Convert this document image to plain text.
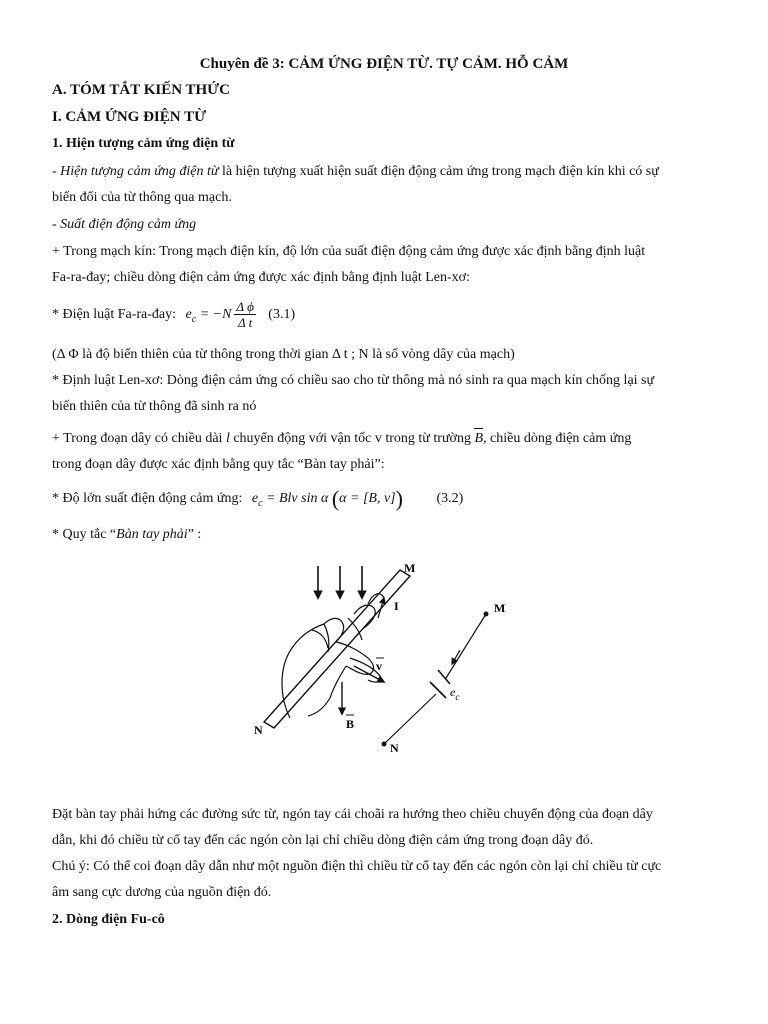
Chuyên đề 3: CẢM ỨNG ĐIỆN TỪ. TỰ CẢM. HỖ CẢM
A. TÓM TẮT KIẾN THỨC
I. CẢM ỨNG ĐIỆN TỪ
1. Hiện tượng cảm ứng điện từ
- Hiện tượng cảm ứng điện từ là hiện tượng xuất hiện suất điện động cảm ứng trong mạch điện kín khi có sự
biến đổi của từ thông qua mạch.
- Suất điện động cảm ứng
+ Trong mạch kín: Trong mạch điện kín, độ lớn của suất điện động cảm ứng được xác định bằng định luật
Fa-ra-đay; chiều dòng điện cảm ứng được xác định bằng định luật Len-xơ:
* Điện luật Fa-ra-đay: $e_c = -N \frac{\text{Δ ϕ}}{\text{Δ t}} (3.1)$
(Δ Φ là độ biến thiên của từ thông trong thời gian Δ t ; N là số vòng dây của mạch)
* Định luật Len-xơ: Dòng điện cảm ứng có chiều sao cho từ thông mà nó sinh ra qua mạch kín chống lại sự
biến thiên của từ thông đã sinh ra nó
+ Trong đoạn dây có chiều dài l chuyển động với vận tốc v trong từ trường
B, chiều dòng điện cảm ứng
trong đoạn dây được xác định bằng quy tắc “Bàn tay phải”:
* Độ lớn suất điện động cảm ứng: $e_c$ = Blv sin α (α = [B, v]) (3.2)
* Quy tắc “Bàn tay phải” :
M
I
v
B
N
M
$e_c$
N
Đặt bàn tay phải hứng các đường sức từ, ngón tay cái choãi ra hướng theo chiều chuyển động của đoạn dây
dẫn, khi đó chiều từ cổ tay đến các ngón còn lại chỉ chiều dòng điện cảm ứng trong đoạn dây đó.
Chú ý: Có thể coi đoạn dây dẫn như một nguồn điện thì chiều từ cổ tay đến các ngón còn lại chỉ chiều từ cực
âm sang cực dương của nguồn điện đó.
2. Dòng điện Fu-cô
